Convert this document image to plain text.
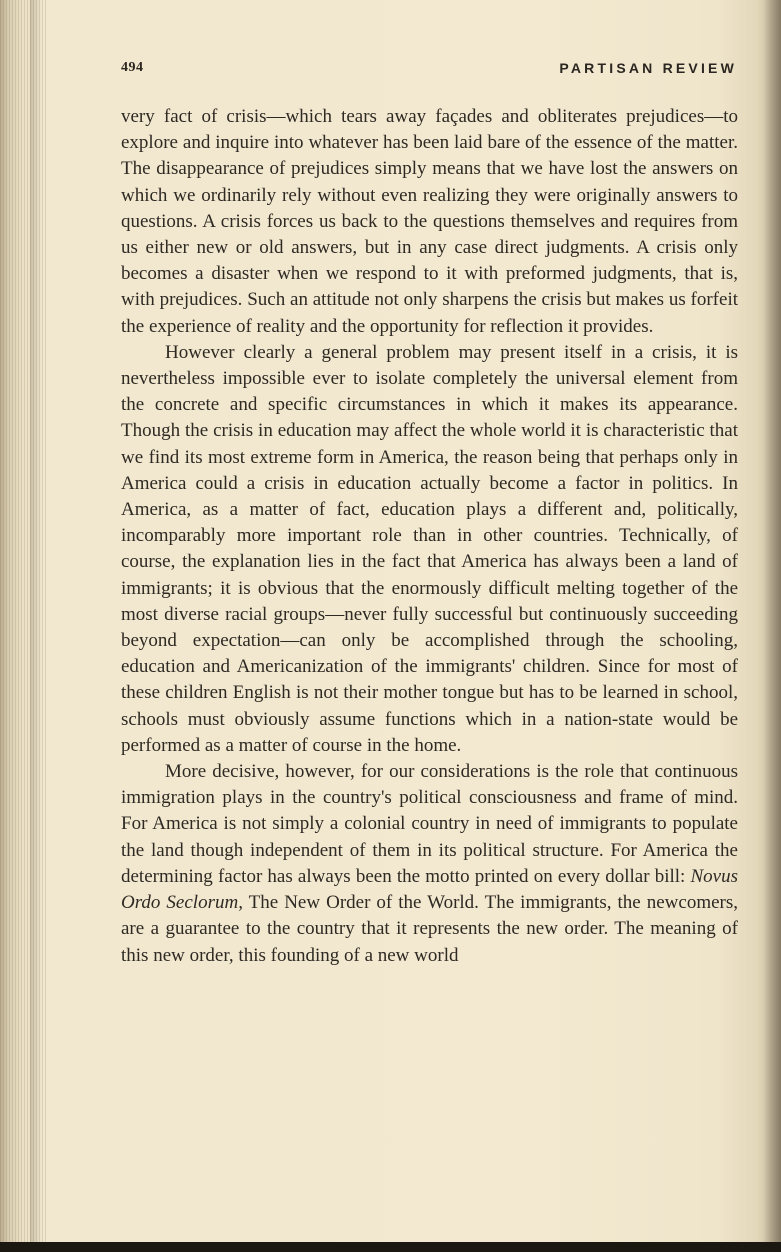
494	PARTISAN REVIEW

very fact of crisis—which tears away façades and obliterates prejudices—to explore and inquire into whatever has been laid bare of the essence of the matter. The disappearance of prejudices simply means that we have lost the answers on which we ordinarily rely without even realizing they were originally answers to questions. A crisis forces us back to the questions themselves and requires from us either new or old answers, but in any case direct judgments. A crisis only becomes a disaster when we respond to it with preformed judgments, that is, with prejudices. Such an attitude not only sharpens the crisis but makes us forfeit the experience of reality and the opportunity for reflection it provides.

However clearly a general problem may present itself in a crisis, it is nevertheless impossible ever to isolate completely the universal element from the concrete and specific circumstances in which it makes its appearance. Though the crisis in education may affect the whole world it is characteristic that we find its most extreme form in America, the reason being that perhaps only in America could a crisis in education actually become a factor in politics. In America, as a matter of fact, education plays a different and, politically, incomparably more important role than in other countries. Technically, of course, the explanation lies in the fact that America has always been a land of immigrants; it is obvious that the enormously difficult melting together of the most diverse racial groups—never fully successful but continuously succeeding beyond expectation—can only be accomplished through the schooling, education and Americanization of the immigrants' children. Since for most of these children English is not their mother tongue but has to be learned in school, schools must obviously assume functions which in a nation-state would be performed as a matter of course in the home.

More decisive, however, for our considerations is the role that continuous immigration plays in the country's political consciousness and frame of mind. For America is not simply a colonial country in need of immigrants to populate the land though independent of them in its political structure. For America the determining factor has always been the motto printed on every dollar bill: Novus Ordo Seclorum, The New Order of the World. The immigrants, the newcomers, are a guarantee to the country that it represents the new order. The meaning of this new order, this founding of a new world
